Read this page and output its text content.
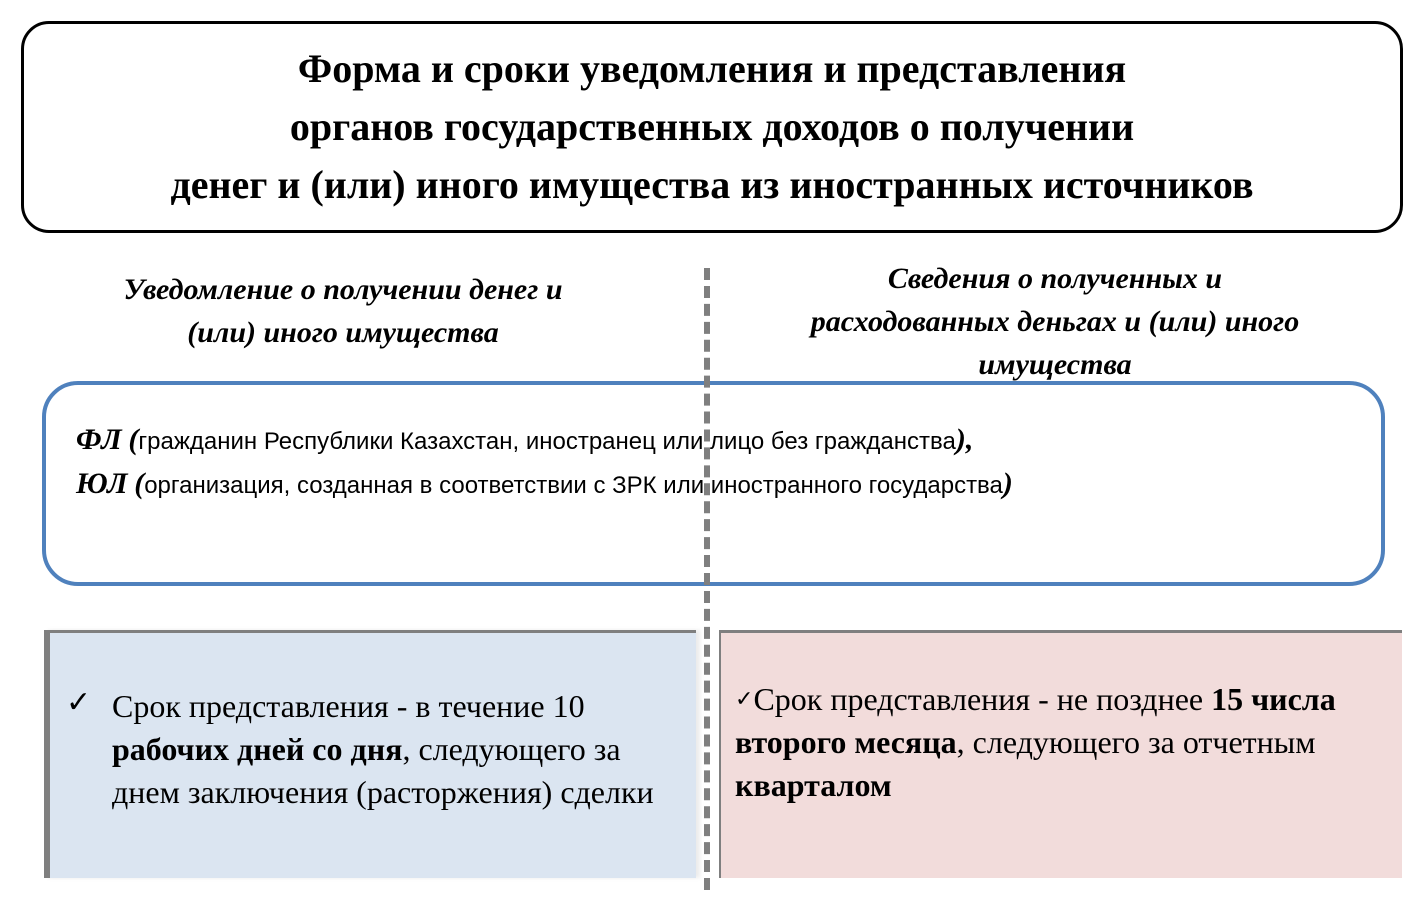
Форма и сроки уведомления и представления
органов государственных доходов о получении
денег и (или) иного имущества из иностранных источников
Уведомление о получении денег и
(или) иного имущества
Сведения о полученных и
расходованных деньгах и (или) иного
имущества
ФЛ (гражданин Республики Казахстан, иностранец или лицо без гражданства),
ЮЛ (организация, созданная в соответствии с ЗРК или иностранного государства)
✓ Срок представления - в течение 10 рабочих дней со дня, следующего за днем заключения (расторжения) сделки
✓Срок представления - не позднее 15 числа второго месяца, следующего за отчетным кварталом
